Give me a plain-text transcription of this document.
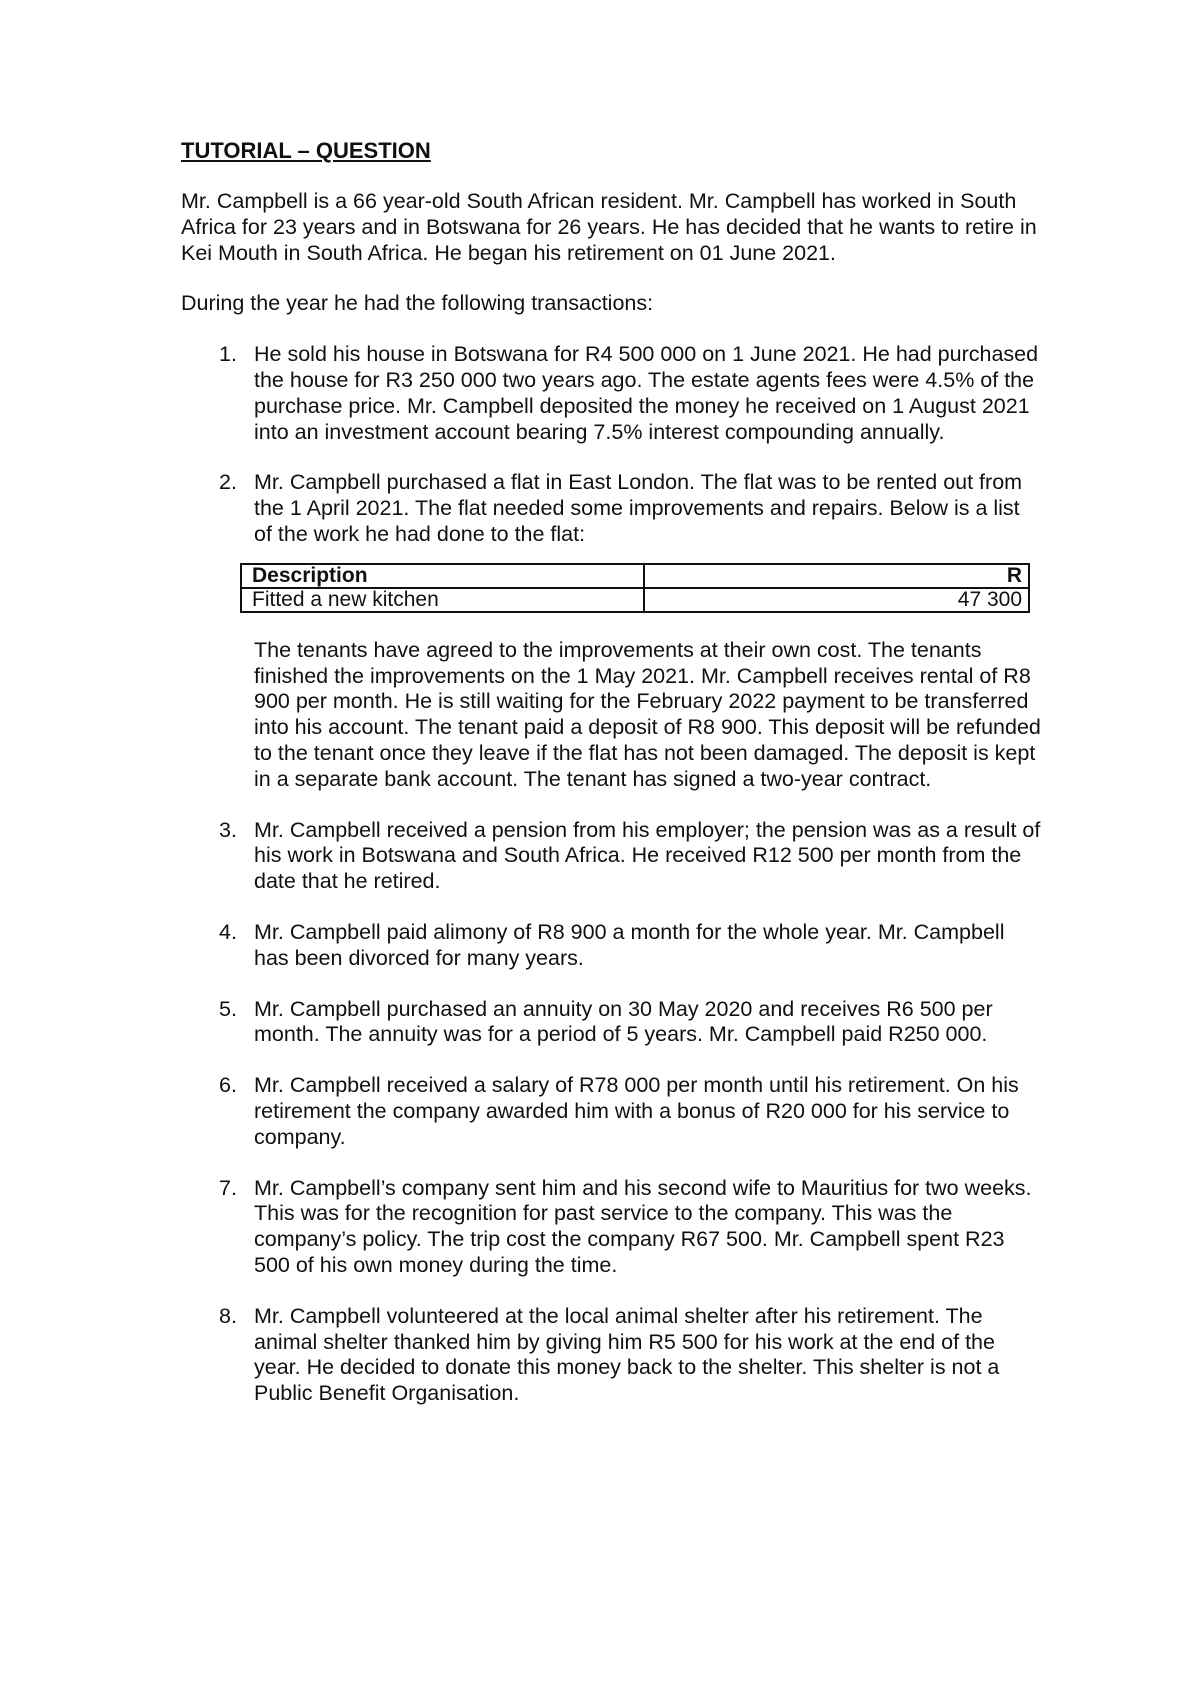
TUTORIAL – QUESTION
Mr. Campbell is a 66 year-old South African resident. Mr. Campbell has worked in South Africa for 23 years and in Botswana for 26 years. He has decided that he wants to retire in Kei Mouth in South Africa. He began his retirement on 01 June 2021.
During the year he had the following transactions:
1. He sold his house in Botswana for R4 500 000 on 1 June 2021. He had purchased the house for R3 250 000 two years ago. The estate agents fees were 4.5% of the purchase price. Mr. Campbell deposited the money he received on 1 August 2021 into an investment account bearing 7.5% interest compounding annually.
2. Mr. Campbell purchased a flat in East London. The flat was to be rented out from the 1 April 2021. The flat needed some improvements and repairs. Below is a list of the work he had done to the flat:
Description	R
Fitted a new kitchen	47 300
The tenants have agreed to the improvements at their own cost. The tenants finished the improvements on the 1 May 2021. Mr. Campbell receives rental of R8 900 per month. He is still waiting for the February 2022 payment to be transferred into his account. The tenant paid a deposit of R8 900. This deposit will be refunded to the tenant once they leave if the flat has not been damaged. The deposit is kept in a separate bank account. The tenant has signed a two-year contract.
3. Mr. Campbell received a pension from his employer; the pension was as a result of his work in Botswana and South Africa. He received R12 500 per month from the date that he retired.
4. Mr. Campbell paid alimony of R8 900 a month for the whole year. Mr. Campbell has been divorced for many years.
5. Mr. Campbell purchased an annuity on 30 May 2020 and receives R6 500 per month. The annuity was for a period of 5 years. Mr. Campbell paid R250 000.
6. Mr. Campbell received a salary of R78 000 per month until his retirement. On his retirement the company awarded him with a bonus of R20 000 for his service to company.
7. Mr. Campbell’s company sent him and his second wife to Mauritius for two weeks. This was for the recognition for past service to the company. This was the company’s policy. The trip cost the company R67 500. Mr. Campbell spent R23 500 of his own money during the time.
8. Mr. Campbell volunteered at the local animal shelter after his retirement. The animal shelter thanked him by giving him R5 500 for his work at the end of the year. He decided to donate this money back to the shelter. This shelter is not a Public Benefit Organisation.
